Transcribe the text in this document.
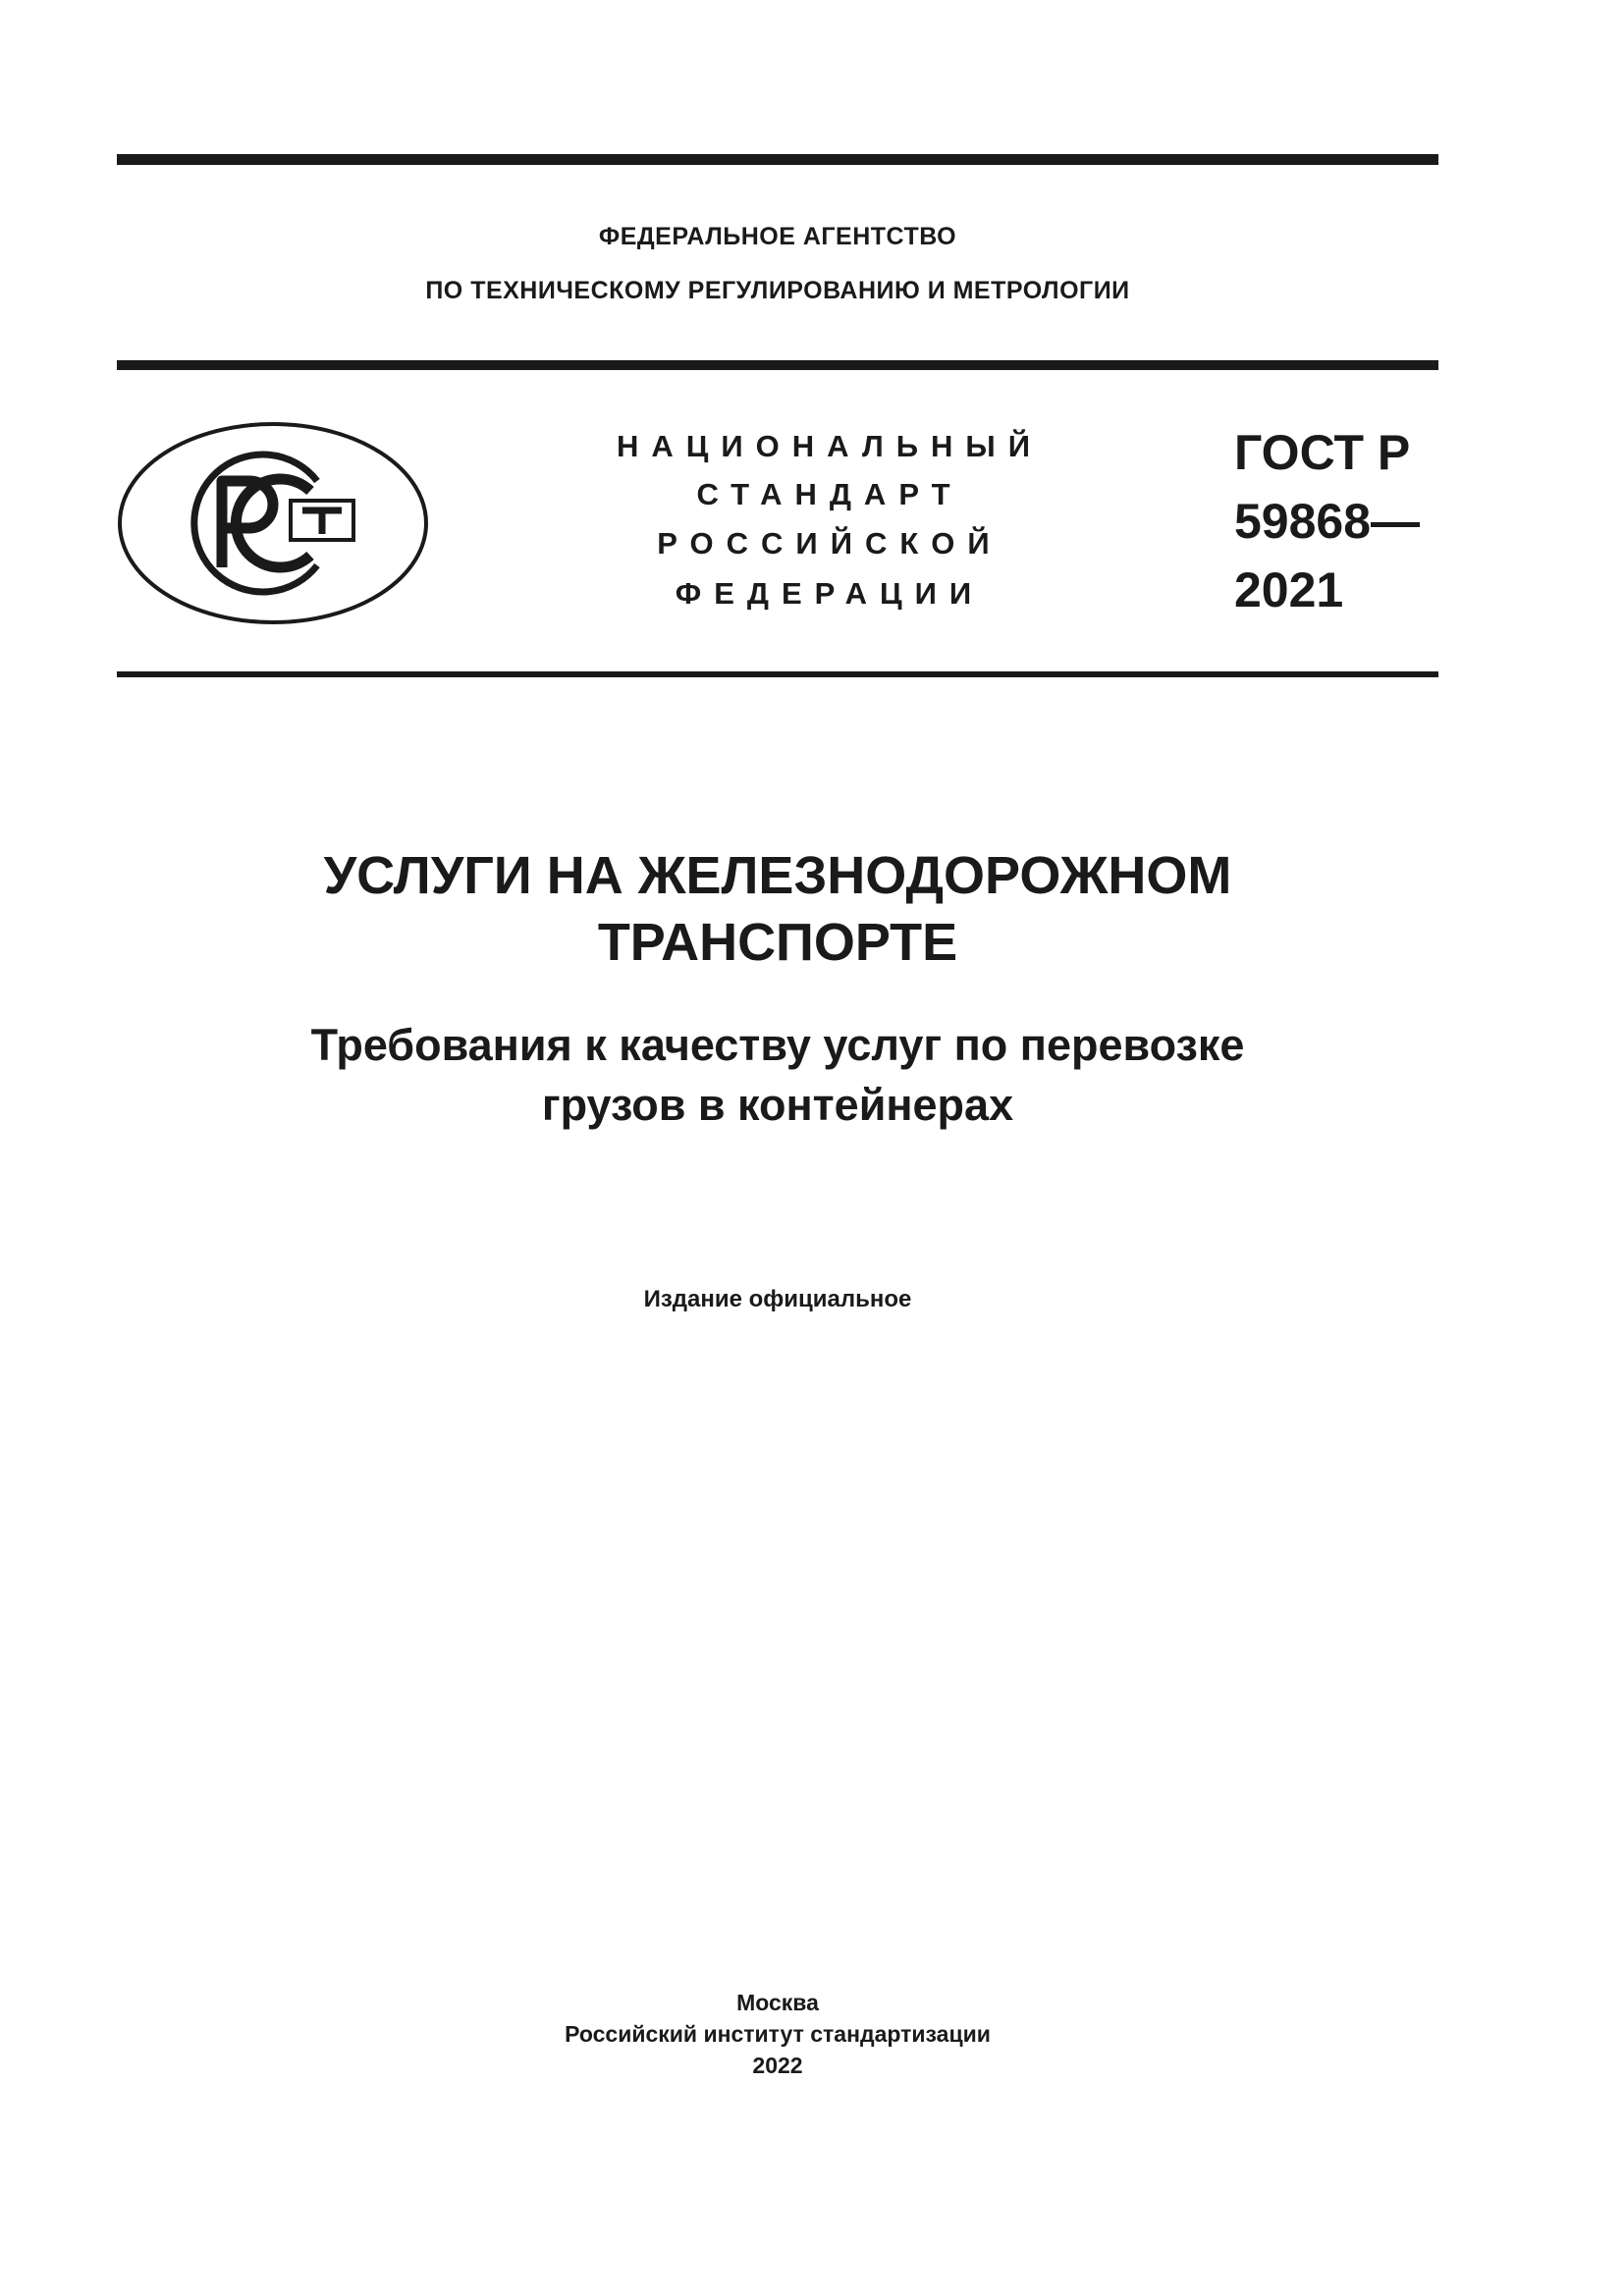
ФЕДЕРАЛЬНОЕ АГЕНТСТВО
ПО ТЕХНИЧЕСКОМУ РЕГУЛИРОВАНИЮ И МЕТРОЛОГИИ
НАЦИОНАЛЬНЫЙ
СТАНДАРТ
РОССИЙСКОЙ
ФЕДЕРАЦИИ
ГОСТ Р
59868—
2021
УСЛУГИ НА ЖЕЛЕЗНОДОРОЖНОМ
ТРАНСПОРТЕ
Требования к качеству услуг по перевозке
грузов в контейнерах
Издание официальное
Москва
Российский институт стандартизации
2022
